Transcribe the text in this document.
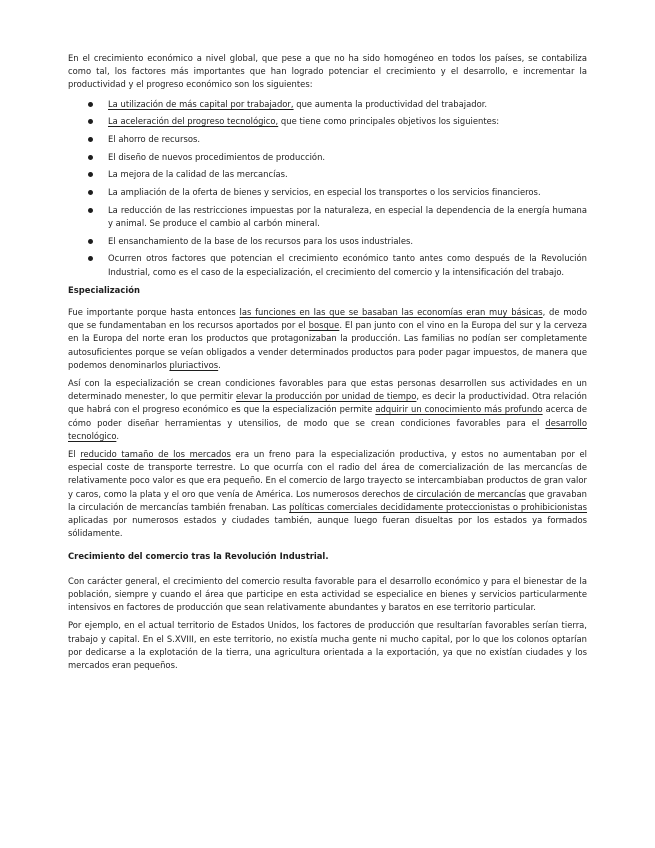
En el crecimiento económico a nivel global, que pese a que no ha sido homogéneo en todos los países, se contabiliza como tal, los factores más importantes que han logrado potenciar el crecimiento y el desarrollo, e incrementar la productividad y el progreso económico son los siguientes:

La utilización de más capital por trabajador, que aumenta la productividad del trabajador.
La aceleración del progreso tecnológico, que tiene como principales objetivos los siguientes:
El ahorro de recursos.
El diseño de nuevos procedimientos de producción.
La mejora de la calidad de las mercancías.
La ampliación de la oferta de bienes y servicios, en especial los transportes o los servicios financieros.
La reducción de las restricciones impuestas por la naturaleza, en especial la dependencia de la energía humana y animal. Se produce el cambio al carbón mineral.
El ensanchamiento de la base de los recursos para los usos industriales.
Ocurren otros factores que potencian el crecimiento económico tanto antes como después de la Revolución Industrial, como es el caso de la especialización, el crecimiento del comercio y la intensificación del trabajo.

Especialización

Fue importante porque hasta entonces las funciones en las que se basaban las economías eran muy básicas, de modo que se fundamentaban en los recursos aportados por el bosque. El pan junto con el vino en la Europa del sur y la cerveza en la Europa del norte eran los productos que protagonizaban la producción. Las familias no podían ser completamente autosuficientes porque se veían obligados a vender determinados productos para poder pagar impuestos, de manera que podemos denominarlos pluriactivos.

Así con la especialización se crean condiciones favorables para que estas personas desarrollen sus actividades en un determinado menester, lo que permitir elevar la producción por unidad de tiempo, es decir la productividad. Otra relación que habrá con el progreso económico es que la especialización permite adquirir un conocimiento más profundo acerca de cómo poder diseñar herramientas y utensilios, de modo que se crean condiciones favorables para el desarrollo tecnológico.

El reducido tamaño de los mercados era un freno para la especialización productiva, y estos no aumentaban por el especial coste de transporte terrestre. Lo que ocurría con el radio del área de comercialización de las mercancías de relativamente poco valor es que era pequeño. En el comercio de largo trayecto se intercambiaban productos de gran valor y caros, como la plata y el oro que venía de América. Los numerosos derechos de circulación de mercancías que gravaban la circulación de mercancías también frenaban. Las políticas comerciales decididamente proteccionistas o prohibicionistas aplicadas por numerosos estados y ciudades también, aunque luego fueran disueltas por los estados ya formados sólidamente.

Crecimiento del comercio tras la Revolución Industrial.

Con carácter general, el crecimiento del comercio resulta favorable para el desarrollo económico y para el bienestar de la población, siempre y cuando el área que participe en esta actividad se especialice en bienes y servicios particularmente intensivos en factores de producción que sean relativamente abundantes y baratos en ese territorio particular.

Por ejemplo, en el actual territorio de Estados Unidos, los factores de producción que resultarían favorables serían tierra, trabajo y capital. En el S.XVIII, en este territorio, no existía mucha gente ni mucho capital, por lo que los colonos optarían por dedicarse a la explotación de la tierra, una agricultura orientada a la exportación, ya que no existían ciudades y los mercados eran pequeños.
